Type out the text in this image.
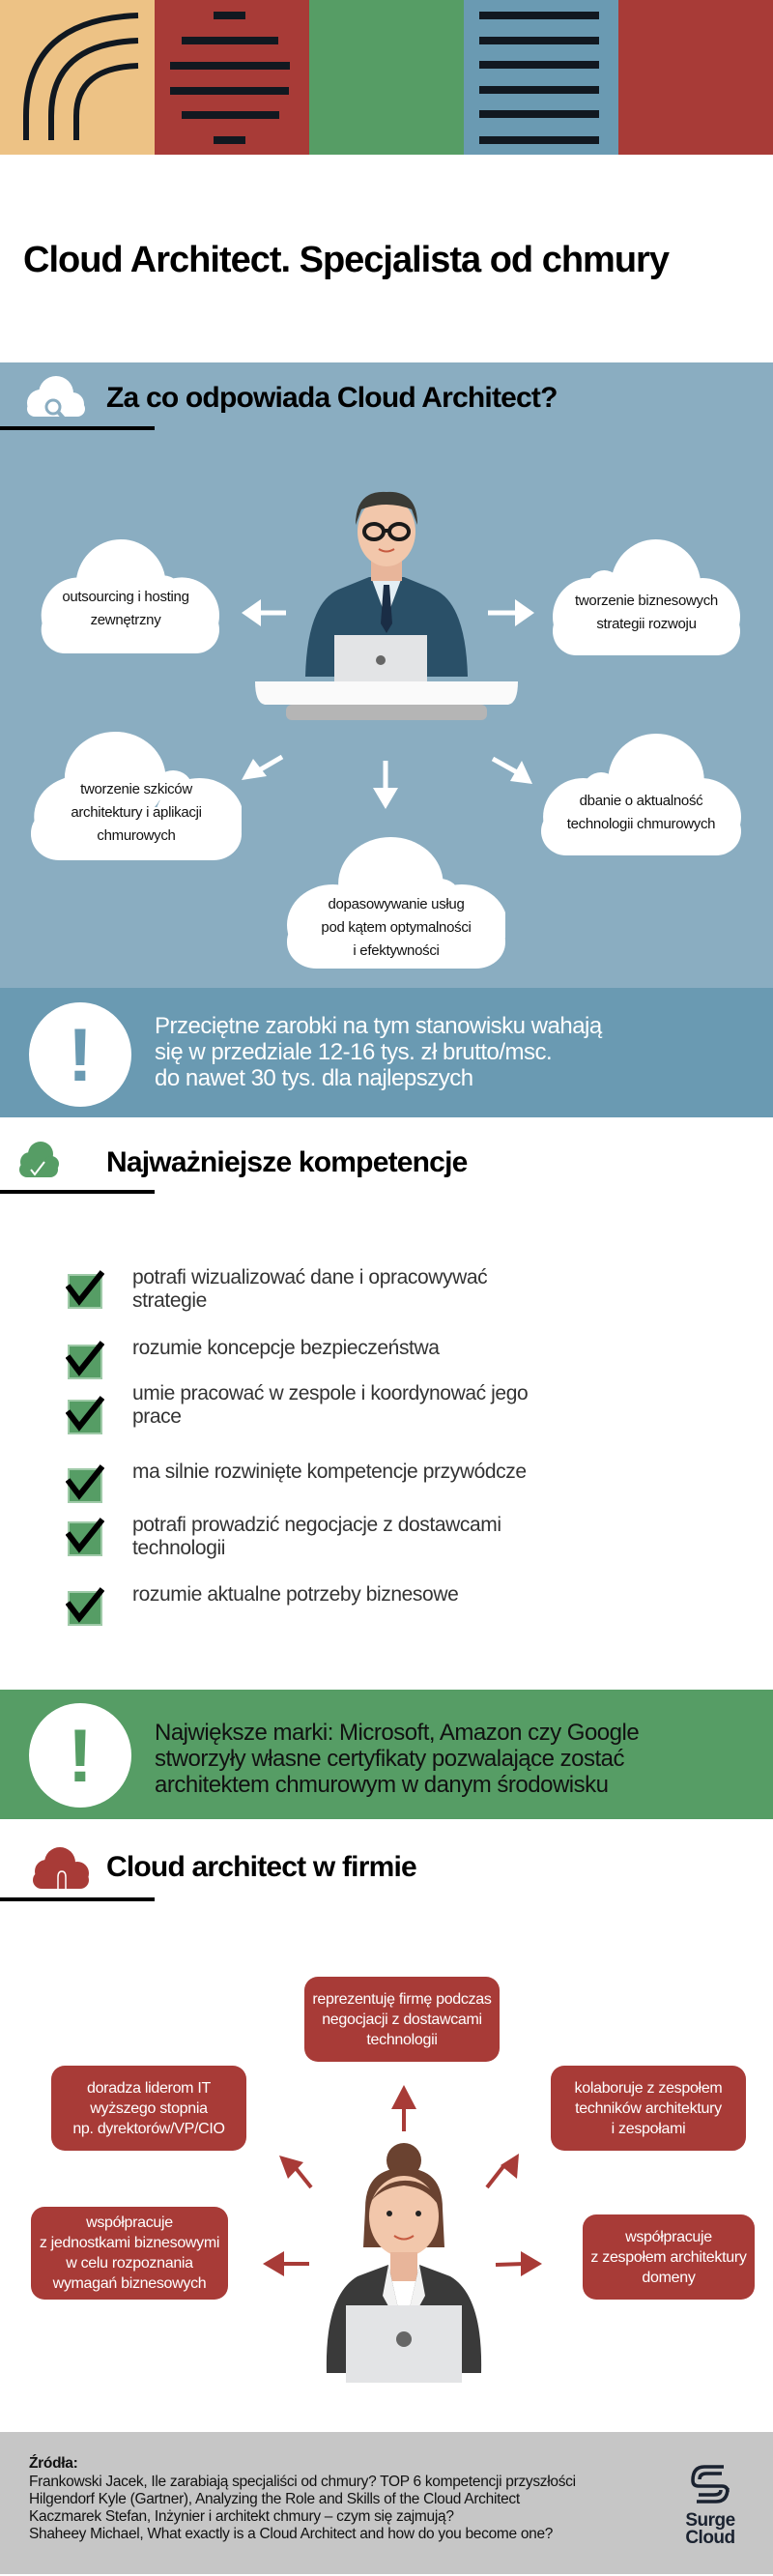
Cloud Architect. Specjalista od chmury
Za co odpowiada Cloud Architect?
outsourcing i hosting
zewnętrzny
tworzenie biznesowych
strategii rozwoju
tworzenie szkiców
architektury i aplikacji
chmurowych
dbanie o aktualność
technologii chmurowych
dopasowywanie usług
pod kątem optymalności
i efektywności
!	Przeciętne zarobki na tym stanowisku wahają
się w przedziale 12-16 tys. zł brutto/msc.
do nawet 30 tys. dla najlepszych
Najważniejsze kompetencje
potrafi wizualizować dane i opracowywać
strategie
rozumie koncepcje bezpieczeństwa
umie pracować w zespole i koordynować jego
prace
ma silnie rozwinięte kompetencje przywódcze
potrafi prowadzić negocjacje z dostawcami
technologii
rozumie aktualne potrzeby biznesowe
!	Największe marki: Microsoft, Amazon czy Google
stworzyły własne certyfikaty pozwalające zostać
architektem chmurowym w danym środowisku
Cloud architect w firmie
reprezentuję firmę podczas
negocjacji z dostawcami
technologii
doradza liderom IT
wyższego stopnia
np. dyrektorów/VP/CIO
kolaboruje z zespołem
techników architektury
i zespołami
współpracuje
z jednostkami biznesowymi
w celu rozpoznania
wymagań biznesowych
współpracuje
z zespołem architektury
domeny
Źródła:
Frankowski Jacek, Ile zarabiają specjaliści od chmury? TOP 6 kompetencji przyszłości
Hilgendorf Kyle (Gartner), Analyzing the Role and Skills of the Cloud Architect
Kaczmarek Stefan, Inżynier i architekt chmury – czym się zajmują?
Shaheey Michael, What exactly is a Cloud Architect and how do you become one?
Surge
Cloud
